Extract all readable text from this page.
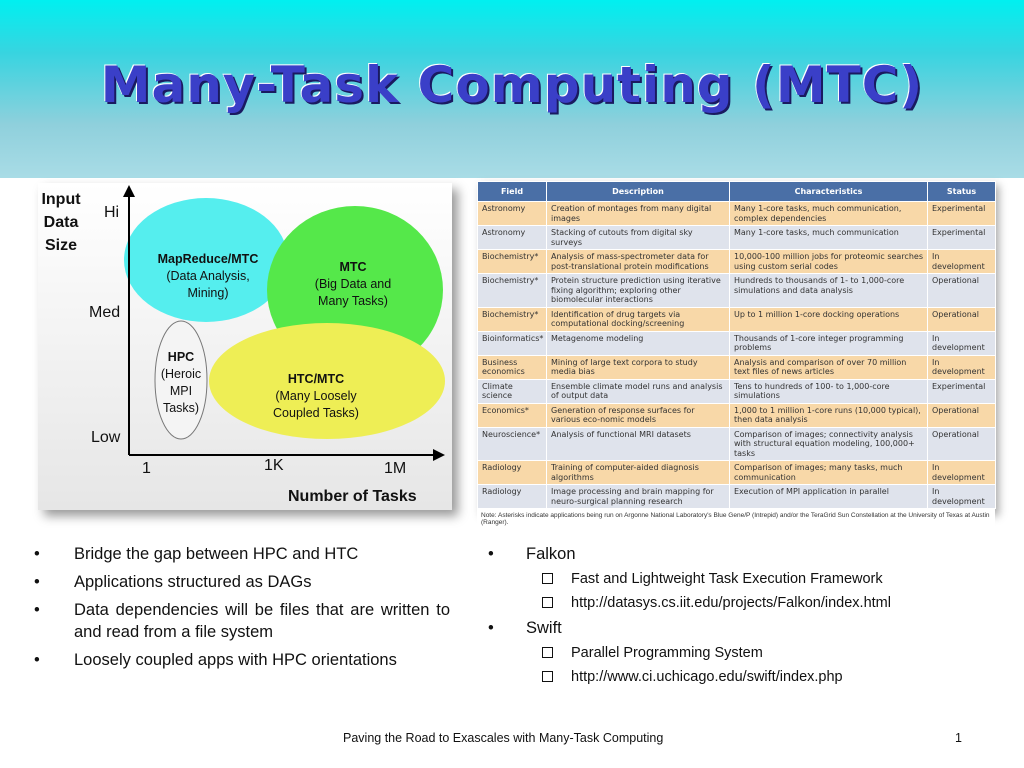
Many-Task Computing (MTC)
Input
Data
Size
Hi
Med
Low
1	1K	1M
Number of Tasks
MapReduce/MTC
(Data Analysis,
Mining)
MTC
(Big Data and
Many Tasks)
HPC
(Heroic
MPI
Tasks)
HTC/MTC
(Many Loosely
Coupled Tasks)
Field	Description	Characteristics	Status
Astronomy	Creation of montages from many digital images	Many 1-core tasks, much communication, complex dependencies	Experimental
Astronomy	Stacking of cutouts from digital sky surveys	Many 1-core tasks, much communication	Experimental
Biochemistry*	Analysis of mass-spectrometer data for post-translational protein modifications	10,000-100 million jobs for proteomic searches using custom serial codes	In development
Biochemistry*	Protein structure prediction using iterative fixing algorithm; exploring other biomolecular interactions	Hundreds to thousands of 1- to 1,000-core simulations and data analysis	Operational
Biochemistry*	Identification of drug targets via computational docking/screening	Up to 1 million 1-core docking operations	Operational
Bioinformatics*	Metagenome modeling	Thousands of 1-core integer programming problems	In development
Business economics	Mining of large text corpora to study media bias	Analysis and comparison of over 70 million text files of news articles	In development
Climate science	Ensemble climate model runs and analysis of output data	Tens to hundreds of 100- to 1,000-core simulations	Experimental
Economics*	Generation of response surfaces for various eco-nomic models	1,000 to 1 million 1-core runs (10,000 typical), then data analysis	Operational
Neuroscience*	Analysis of functional MRI datasets	Comparison of images; connectivity analysis with structural equation modeling, 100,000+ tasks	Operational
Radiology	Training of computer-aided diagnosis algorithms	Comparison of images; many tasks, much communication	In development
Radiology	Image processing and brain mapping for neuro-surgical planning research	Execution of MPI application in parallel	In development
Note: Asterisks indicate applications being run on Argonne National Laboratory's Blue Gene/P (Intrepid) and/or the TeraGrid Sun Constellation at the University of Texas at Austin (Ranger).
• Bridge the gap between HPC and HTC
• Applications structured as DAGs
• Data dependencies will be files that are written to and read from a file system
• Loosely coupled apps with HPC orientations
• Falkon
Fast and Lightweight Task Execution Framework
http://datasys.cs.iit.edu/projects/Falkon/index.html
• Swift
Parallel Programming System
http://www.ci.uchicago.edu/swift/index.php
Paving the Road to Exascales with Many-Task Computing	1
